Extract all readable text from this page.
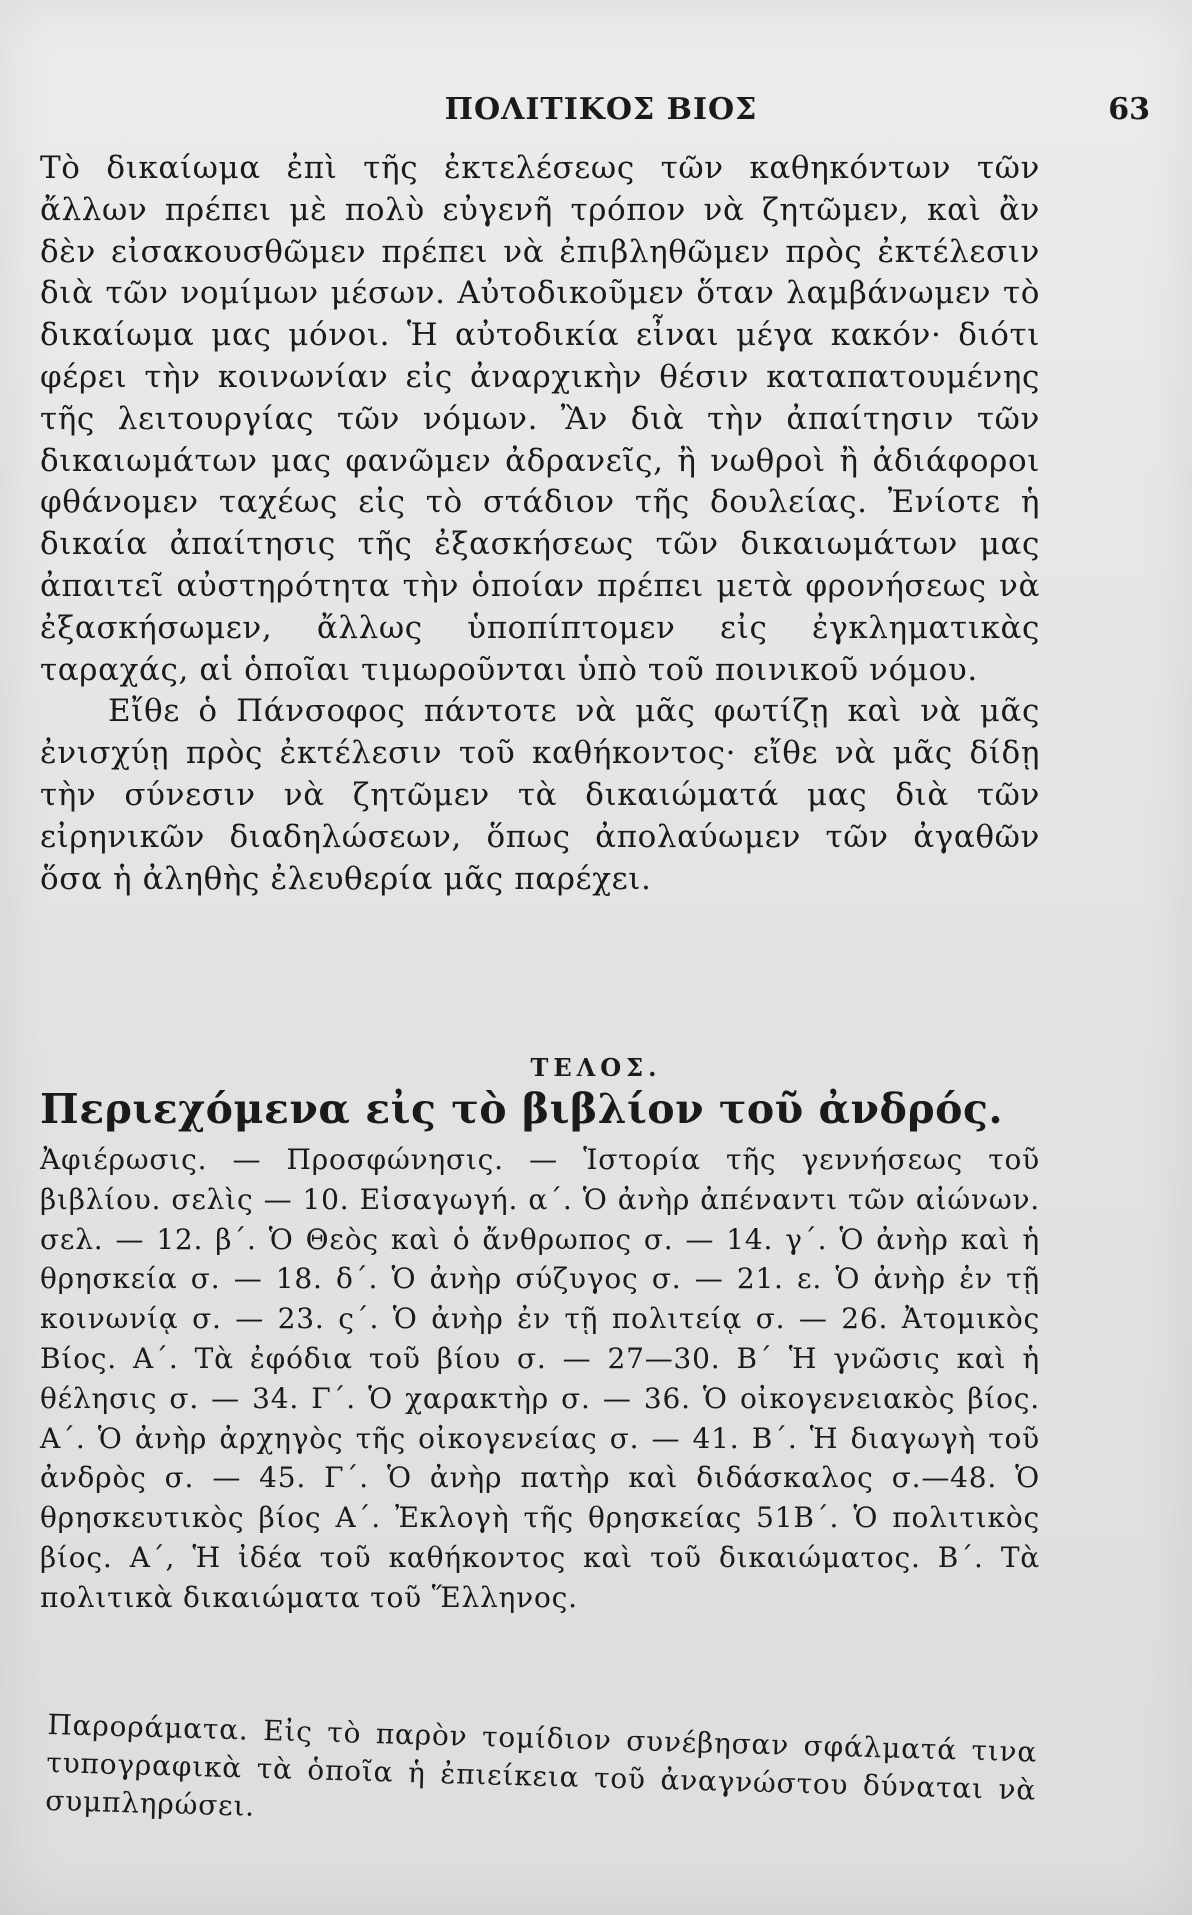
ΠΟΛΙΤΙΚΟΣ ΒΙΟΣ	63

Τὸ δικαίωμα ἐπὶ τῆς ἐκτελέσεως τῶν καθηκόντων τῶν ἄλλων πρέπει μὲ πολὺ εὐγενῆ τρόπον νὰ ζητῶμεν, καὶ ἂν δὲν εἰσακουσθῶμεν πρέπει νὰ ἐπιβληθῶμεν πρὸς ἐκτέλεσιν διὰ τῶν νομίμων μέσων. Αὐτοδικοῦμεν ὅταν λαμβάνωμεν τὸ δικαίωμα μας μόνοι. Ἡ αὐτοδικία εἶναι μέγα κακόν· διότι φέρει τὴν κοινωνίαν εἰς ἀναρχικὴν θέσιν καταπατουμένης τῆς λειτουργίας τῶν νόμων. Ἂν διὰ τὴν ἀπαίτησιν τῶν δικαιωμάτων μας φανῶμεν ἀδρανεῖς, ἢ νωθροὶ ἢ ἀδιάφοροι φθάνομεν ταχέως εἰς τὸ στάδιον τῆς δουλείας. Ἐνίοτε ἡ δικαία ἀπαίτησις τῆς ἐξασκήσεως τῶν δικαιωμάτων μας ἀπαιτεῖ αὐστηρότητα τὴν ὁποίαν πρέπει μετὰ φρονήσεως νὰ ἐξασκήσωμεν, ἄλλως ὑποπίπτομεν εἰς ἐγκληματικὰς ταραχάς, αἱ ὁποῖαι τιμωροῦνται ὑπὸ τοῦ ποινικοῦ νόμου.

Εἴθε ὁ Πάνσοφος πάντοτε νὰ μᾶς φωτίζῃ καὶ νὰ μᾶς ἐνισχύῃ πρὸς ἐκτέλεσιν τοῦ καθήκοντος· εἴθε νὰ μᾶς δίδῃ τὴν σύνεσιν νὰ ζητῶμεν τὰ δικαιώματά μας διὰ τῶν εἰρηνικῶν διαδηλώσεων, ὅπως ἀπολαύωμεν τῶν ἀγαθῶν ὅσα ἡ ἀληθὴς ἐλευθερία μᾶς παρέχει.

ΤΕΛΟΣ.
Περιεχόμενα εἰς τὸ βιβλίον τοῦ ἀνδρός.
Ἀφιέρωσις. — Προσφώνησις. — Ἱστορία τῆς γεννήσεως τοῦ βιβλίου. σελὶς — 10. Εἰσαγωγή. α΄. Ὁ ἀνὴρ ἀπέναντι τῶν αἰώνων. σελ. — 12. β΄. Ὁ Θεὸς καὶ ὁ ἄνθρωπος σ. — 14. γ΄. Ὁ ἀνὴρ καὶ ἡ θρησκεία σ. — 18. δ΄. Ὁ ἀνὴρ σύζυγος σ. — 21. ε. Ὁ ἀνὴρ ἐν τῇ κοινωνίᾳ σ. — 23. ς΄. Ὁ ἀνὴρ ἐν τῇ πολιτείᾳ σ. — 26. Ἀτομικὸς Βίος. Α΄. Τὰ ἐφόδια τοῦ βίου σ. — 27—30. Β΄ Ἡ γνῶσις καὶ ἡ θέλησις σ. — 34. Γ΄. Ὁ χαρακτὴρ σ. — 36. Ὁ οἰκογενειακὸς βίος. Α΄. Ὁ ἀνὴρ ἀρχηγὸς τῆς οἰκογενείας σ. — 41. Β΄. Ἡ διαγωγὴ τοῦ ἀνδρὸς σ. — 45. Γ΄. Ὁ ἀνὴρ πατὴρ καὶ διδάσκαλος σ.—48. Ὁ θρησκευτικὸς βίος Α΄. Ἐκλογὴ τῆς θρησκείας 51Β΄. Ὁ πολιτικὸς βίος. Α΄, Ἡ ἰδέα τοῦ καθήκοντος καὶ τοῦ δικαιώματος. Β΄. Τὰ πολιτικὰ δικαιώματα τοῦ Ἕλληνος.
Παροράματα. Εἰς τὸ παρὸν τομίδιον συνέβησαν σφάλματά τινα τυπογραφικὰ τὰ ὁποῖα ἡ ἐπιείκεια τοῦ ἀναγνώστου δύναται νὰ συμπληρώσει.
